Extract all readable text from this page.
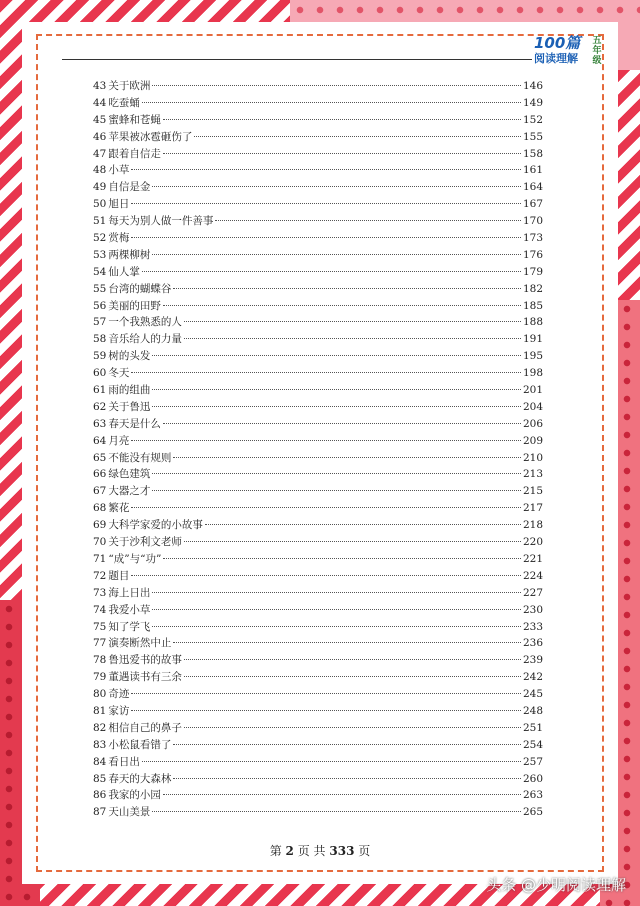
100篇
阅读理解
五年级
43 关于欧洲	146
44 吃蚕蛹	149
45 蜜蜂和苍蝇	152
46 苹果被冰雹砸伤了	155
47 跟着自信走	158
48 小草	161
49 自信是金	164
50 旭日	167
51 每天为别人做一件善事	170
52 赏梅	173
53 两棵柳树	176
54 仙人掌	179
55 台湾的蝴蝶谷	182
56 美丽的田野	185
57 一个我熟悉的人	188
58 音乐给人的力量	191
59 树的头发	195
60 冬天	198
61 雨的组曲	201
62 关于鲁迅	204
63 春天是什么	206
64 月亮	209
65 不能没有规则	210
66 绿色建筑	213
67 大器之才	215
68 繁花	217
69 大科学家爱的小故事	218
70 关于沙利文老师	220
71 “成”与“功”	221
72 题目	224
73 海上日出	227
74 我爱小草	230
75 知了学飞	233
77 演奏断然中止	236
78 鲁迅爱书的故事	239
79 董遇读书有三余	242
80 奇迹	245
81 家访	248
82 相信自己的鼻子	251
83 小松鼠看错了	254
84 看日出	257
85 春天的大森林	260
86 我家的小园	263
87 天山美景	265
第 2 页 共 333 页
头条 @少明阅读理解
